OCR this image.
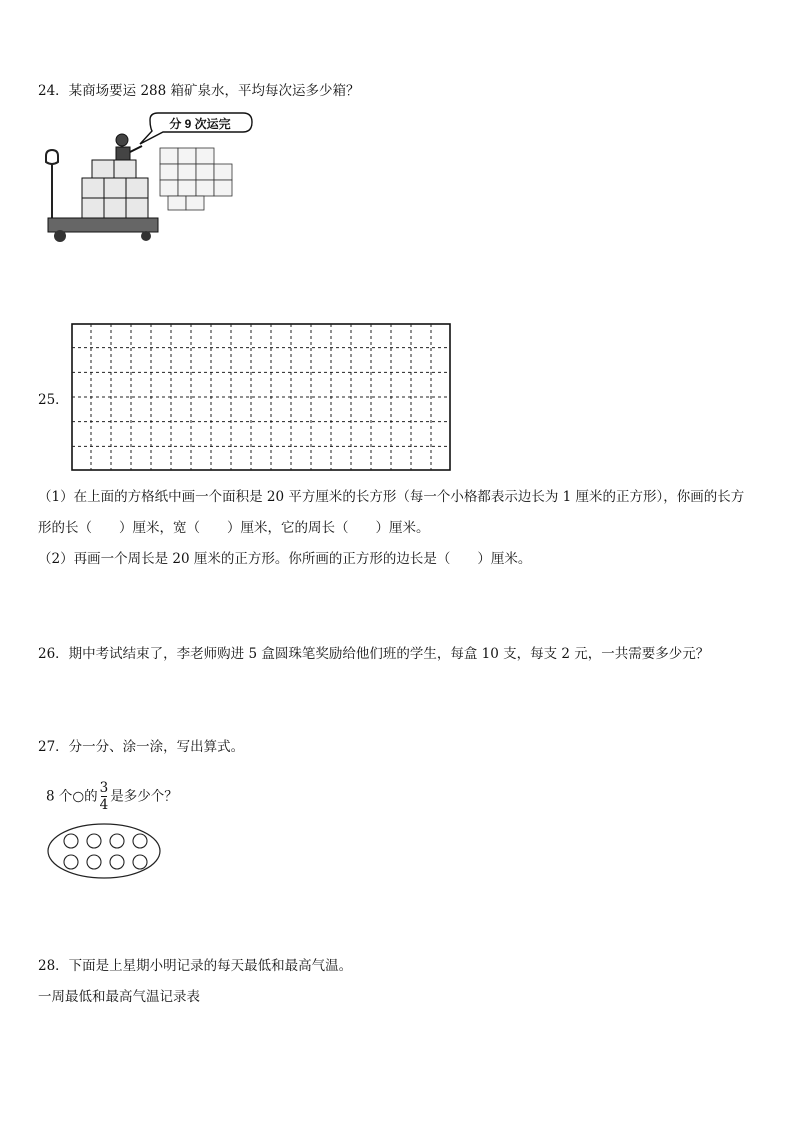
24．某商场要运 288 箱矿泉水，平均每次运多少箱？
分 9 次运完
25．
（1）在上面的方格纸中画一个面积是 20 平方厘米的长方形（每一个小格都表示边长为 1 厘米的正方形），你画的长方
形的长（　　）厘米，宽（　　）厘米，它的周长（　　）厘米。
（2）再画一个周长是 20 厘米的正方形。你所画的正方形的边长是（　　）厘米。
26．期中考试结束了，李老师购进 5 盒圆珠笔奖励给他们班的学生，每盒 10 支，每支 2 元，一共需要多少元？
27．分一分、涂一涂，写出算式。
8 个○的 $\frac{3}{4}$ 是多少个？
28．下面是上星期小明记录的每天最低和最高气温。
一周最低和最高气温记录表
